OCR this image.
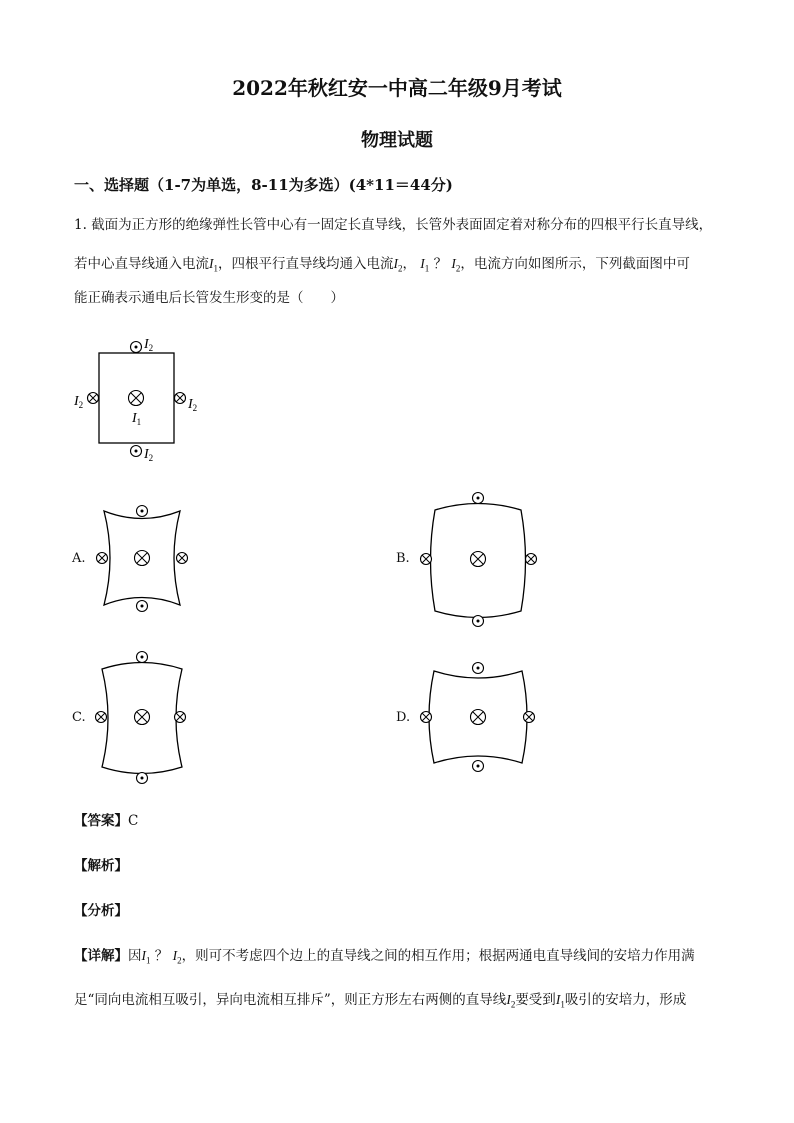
2022年秋红安一中高二年级9月考试
物理试题
一、选择题（1-7为单选，8-11为多选）(4*11＝44分)
1. 截面为正方形的绝缘弹性长管中心有一固定长直导线，长管外表面固定着对称分布的四根平行长直导线，
若中心直导线通入电流$I_1$，四根平行直导线均通入电流$I_2$， $I_1$ ？ $I_2$，电流方向如图所示，下列截面图中可
能正确表示通电后长管发生形变的是（　　）
$I_2$
$I_2$
$I_2$	$I_2$
$I_1$
A.	B.
C.	D.
【答案】C
【解析】
【分析】
【详解】因$I_1$ ？ $I_2$，则可不考虑四个边上的直导线之间的相互作用；根据两通电直导线间的安培力作用满
足“同向电流相互吸引，异向电流相互排斥”，则正方形左右两侧的直导线$I_2$要受到$I_1$吸引的安培力，形成
